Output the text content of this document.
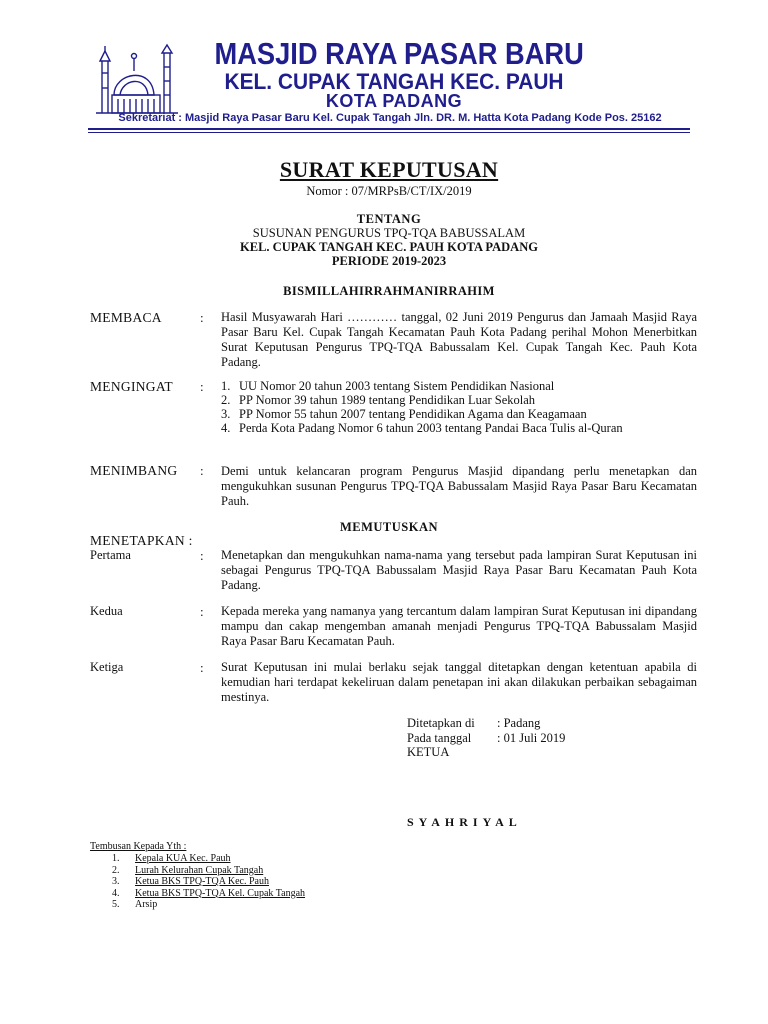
MASJID RAYA PASAR BARU
KEL. CUPAK TANGAH KEC. PAUH
KOTA PADANG
Sekretariat : Masjid Raya Pasar Baru Kel. Cupak Tangah Jln. DR. M. Hatta Kota Padang Kode Pos. 25162
SURAT KEPUTUSAN
Nomor : 07/MRPsB/CT/IX/2019
TENTANG
SUSUNAN PENGURUS TPQ-TQA BABUSSALAM
KEL. CUPAK TANGAH KEC. PAUH KOTA PADANG
PERIODE 2019-2023
BISMILLAHIRRAHMANIRRAHIM
MEMBACA	: Hasil Musyawarah Hari ………… tanggal, 02 Juni 2019 Pengurus dan Jamaah Masjid Raya Pasar Baru Kel. Cupak Tangah Kecamatan Pauh Kota Padang perihal Mohon Menerbitkan Surat Keputusan Pengurus TPQ-TQA Babussalam Kel. Cupak Tangah Kec. Pauh Kota Padang.
MENGINGAT : 1. UU Nomor 20 tahun 2003 tentang Sistem Pendidikan Nasional
2. PP Nomor 39 tahun 1989 tentang Pendidikan Luar Sekolah
3. PP Nomor 55 tahun 2007 tentang Pendidikan Agama dan Keagamaan
4. Perda Kota Padang Nomor 6 tahun 2003 tentang Pandai Baca Tulis al-Quran
MENIMBANG : Demi untuk kelancaran program Pengurus Masjid dipandang perlu menetapkan dan mengukuhkan susunan Pengurus TPQ-TQA Babussalam Masjid Raya Pasar Baru Kecamatan Pauh.
MEMUTUSKAN
MENETAPKAN :
Pertama	: Menetapkan dan mengukuhkan nama-nama yang tersebut pada lampiran Surat Keputusan ini sebagai Pengurus TPQ-TQA Babussalam Masjid Raya Pasar Baru Kecamatan Pauh Kota Padang.
Kedua	: Kepada mereka yang namanya yang tercantum dalam lampiran Surat Keputusan ini dipandang mampu dan cakap mengemban amanah menjadi Pengurus TPQ-TQA Babussalam Masjid Raya Pasar Baru Kecamatan Pauh.
Ketiga	: Surat Keputusan ini mulai berlaku sejak tanggal ditetapkan dengan ketentuan apabila di kemudian hari terdapat kekeliruan dalam penetapan ini akan dilakukan perbaikan sebagaiman mestinya.
Ditetapkan di : Padang
Pada tanggal : 01 Juli 2019
KETUA
SYAHRIYAL
Tembusan Kepada Yth :
1. Kepala KUA Kec. Pauh
2. Lurah Kelurahan Cupak Tangah
3. Ketua BKS TPQ-TQA Kec. Pauh
4. Ketua BKS TPQ-TQA Kel. Cupak Tangah
5. Arsip
